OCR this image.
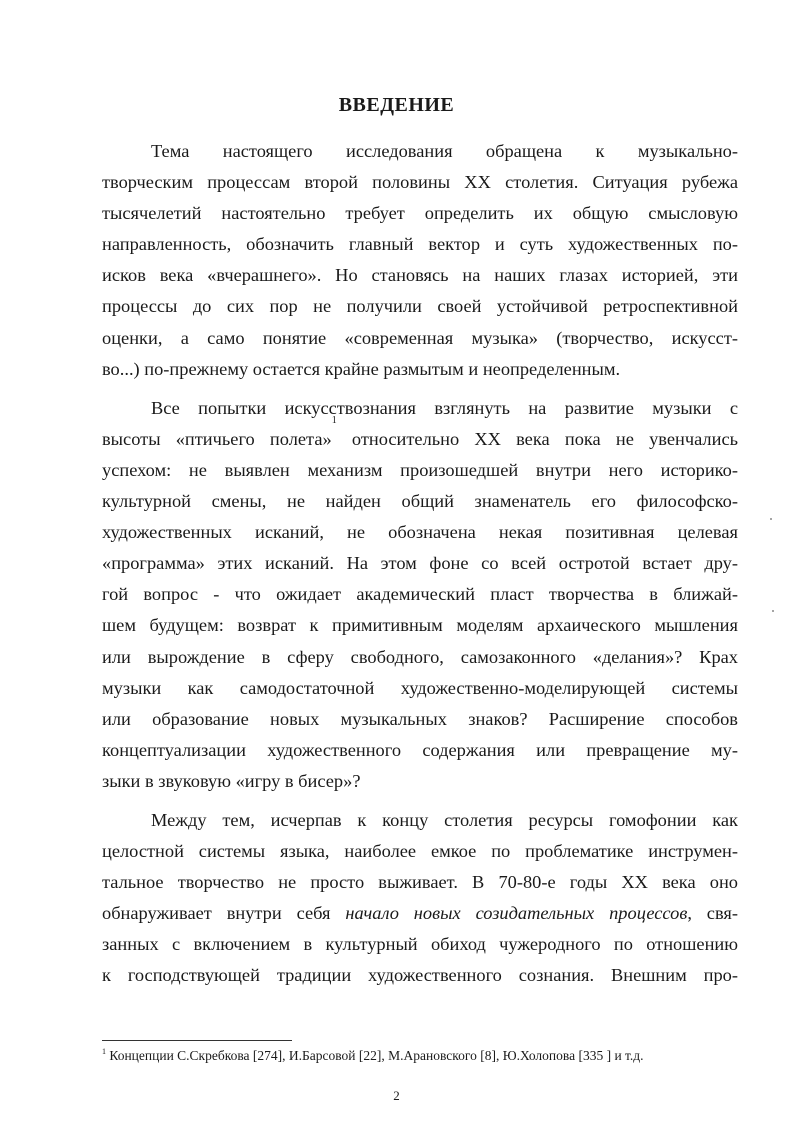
ВВЕДЕНИЕ
Тема настоящего исследования обращена к музыкально-
творческим процессам второй половины XX столетия. Ситуация рубежа
тысячелетий настоятельно требует определить их общую смысловую
направленность, обозначить главный вектор и суть художественных по-
исков века «вчерашнего». Но становясь на наших глазах историей, эти
процессы до сих пор не получили своей устойчивой ретроспективной
оценки, а само понятие «современная музыка» (творчество, искусст-
во...) по-прежнему остается крайне размытым и неопределенным.
Все попытки искусствознания взглянуть на развитие музыки с
высоты «птичьего полета»$^1$ относительно XX века пока не увенчались
успехом: не выявлен механизм произошедшей внутри него историко-
культурной смены, не найден общий знаменатель его философско-
художественных исканий, не обозначена некая позитивная целевая
«программа» этих исканий. На этом фоне со всей остротой встает дру-
гой вопрос - что ожидает академический пласт творчества в ближай-
шем будущем: возврат к примитивным моделям архаического мышления
или вырождение в сферу свободного, самозаконного «делания»? Крах
музыки как самодостаточной художественно-моделирующей системы
или образование новых музыкальных знаков? Расширение способов
концептуализации художественного содержания или превращение му-
зыки в звуковую «игру в бисер»?
Между тем, исчерпав к концу столетия ресурсы гомофонии как
целостной системы языка, наиболее емкое по проблематике инструмен-
тальное творчество не просто выживает. В 70-80-е годы XX века оно
обнаруживает внутри себя начало новых созидательных процессов, свя-
занных с включением в культурный обиход чужеродного по отношению
к господствующей традиции художественного сознания. Внешним про-
$^1$ Концепции С.Скребкова [274], И.Барсовой [22], М.Арановского [8], Ю.Холопова [335 ] и т.д.
2
